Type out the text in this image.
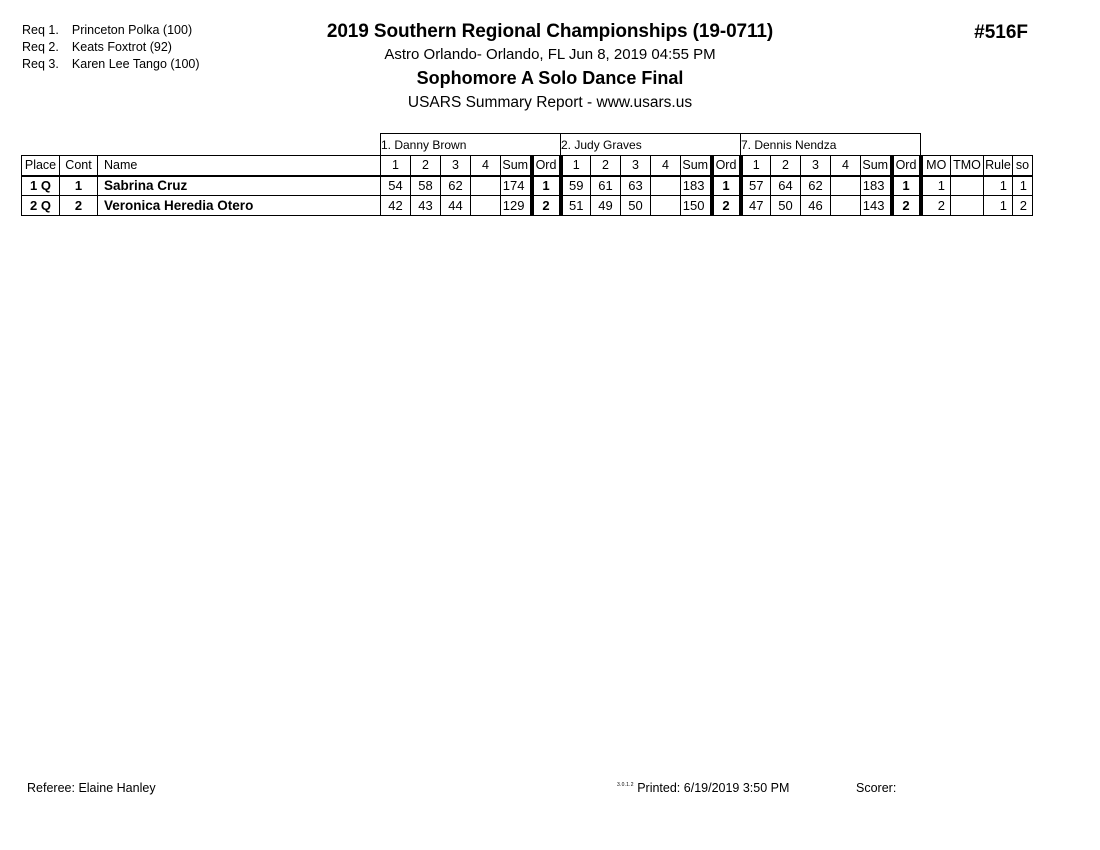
Req 1. Princeton Polka (100)
Req 2. Keats Foxtrot (92)
Req 3. Karen Lee Tango (100)
2019 Southern Regional Championships (19-0711)
Astro Orlando- Orlando, FL Jun 8, 2019 04:55 PM
Sophomore A Solo Dance Final
USARS Summary Report - www.usars.us
#516F
			1. Danny Brown						2. Judy Graves						7. Dennis Nendza									
Place	Cont	Name	1	2	3	4	Sum	Ord	1	2	3	4	Sum	Ord	1	2	3	4	Sum	Ord	MO	TMO	Rule	so
1 Q	1	Sabrina Cruz	54	58	62		174	1	59	61	63		183	1	57	64	62		183	1	1		1	1
2 Q	2	Veronica Heredia Otero	42	43	44		129	2	51	49	50		150	2	47	50	46		143	2	2		1	2
Referee: Elaine Hanley	$^{3.0.1.2}$ Printed: 6/19/2019 3:50 PM	Scorer:
